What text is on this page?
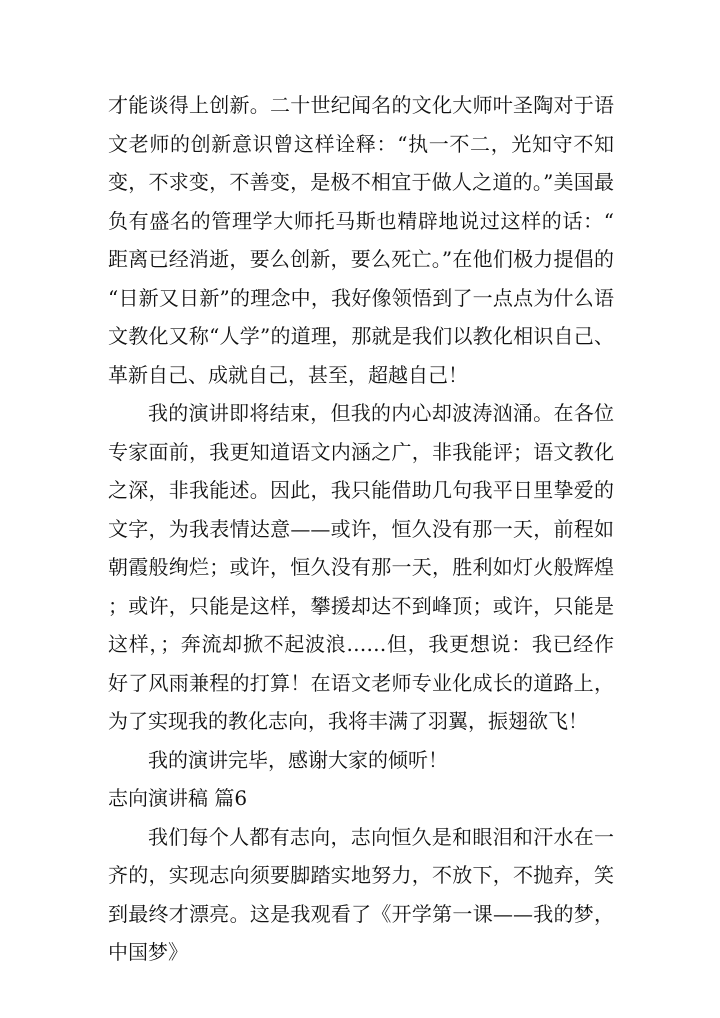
才能谈得上创新。二十世纪闻名的文化大师叶圣陶对于语文老师的创新意识曾这样诠释：“执一不二，光知守不知变，不求变，不善变，是极不相宜于做人之道的。”美国最负有盛名的管理学大师托马斯也精辟地说过这样的话：“距离已经消逝，要么创新，要么死亡。”在他们极力提倡的“日新又日新”的理念中，我好像领悟到了一点点为什么语文教化又称“人学”的道理，那就是我们以教化相识自己、革新自己、成就自己，甚至，超越自己！

我的演讲即将结束，但我的内心却波涛汹涌。在各位专家面前，我更知道语文内涵之广，非我能评；语文教化之深，非我能述。因此，我只能借助几句我平日里挚爱的文字，为我表情达意——或许，恒久没有那一天，前程如朝霞般绚烂；或许，恒久没有那一天，胜利如灯火般辉煌；或许，只能是这样，攀援却达不到峰顶；或许，只能是这样，；奔流却掀不起波浪……但，我更想说：我已经作好了风雨兼程的打算！在语文老师专业化成长的道路上，为了实现我的教化志向，我将丰满了羽翼，振翅欲飞！

我的演讲完毕，感谢大家的倾听！

志向演讲稿 篇6

我们每个人都有志向，志向恒久是和眼泪和汗水在一齐的，实现志向须要脚踏实地努力，不放下，不抛弃，笑到最终才漂亮。这是我观看了《开学第一课——我的梦，中国梦》
